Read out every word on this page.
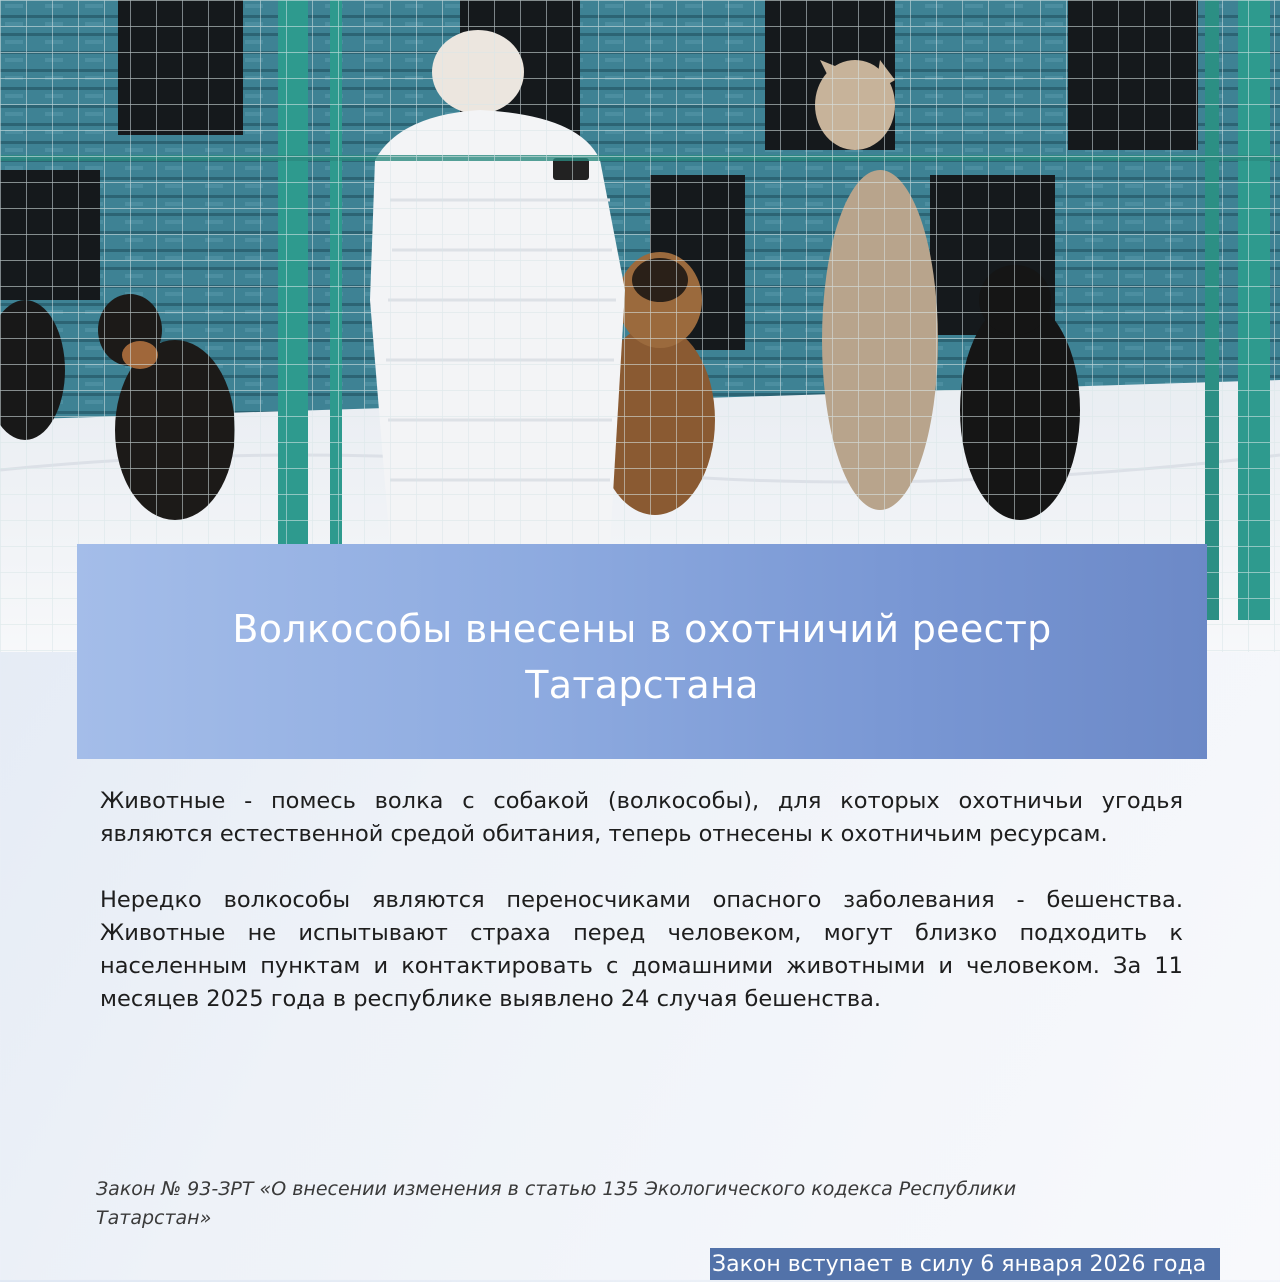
Волкособы внесены в охотничий реестр Татарстана

Животные - помесь волка с собакой (волкособы), для которых охотничьи угодья являются естественной средой обитания, теперь отнесены к охотничьим ресурсам.

Нередко волкособы являются переносчиками опасного заболевания - бешенства. Животные не испытывают страха перед человеком, могут близко подходить к населенным пунктам и контактировать с домашними животными и человеком. За 11 месяцев 2025 года в республике выявлено 24 случая бешенства.

Закон № 93-ЗРТ «О внесении изменения в статью 135 Экологического кодекса Республики Татарстан»
Закон вступает в силу 6 января 2026 года
